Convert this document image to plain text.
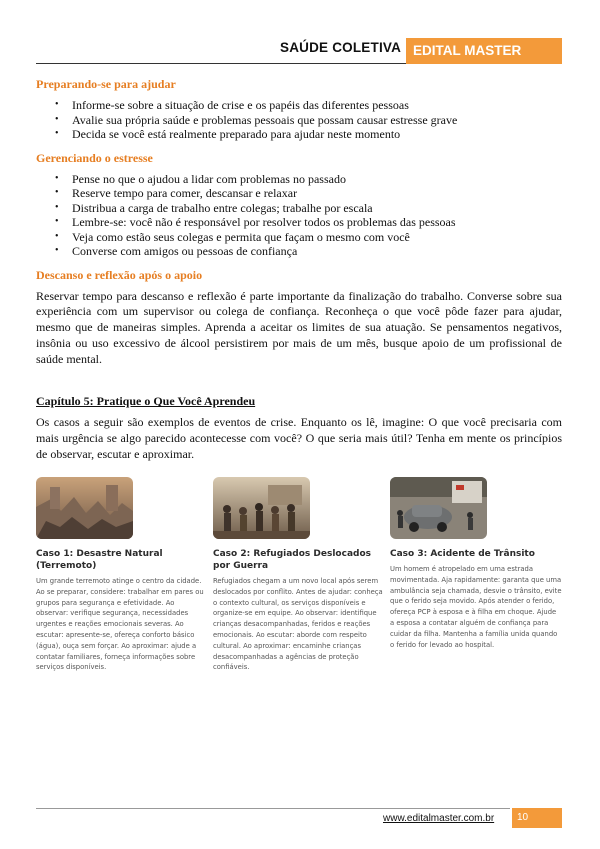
SAÚDE COLETIVA EDITAL MASTER
Preparando-se para ajudar
• Informe-se sobre a situação de crise e os papéis das diferentes pessoas
• Avalie sua própria saúde e problemas pessoais que possam causar estresse grave
• Decida se você está realmente preparado para ajudar neste momento
Gerenciando o estresse
• Pense no que o ajudou a lidar com problemas no passado
• Reserve tempo para comer, descansar e relaxar
• Distribua a carga de trabalho entre colegas; trabalhe por escala
• Lembre-se: você não é responsável por resolver todos os problemas das pessoas
• Veja como estão seus colegas e permita que façam o mesmo com você
• Converse com amigos ou pessoas de confiança
Descanso e reflexão após o apoio

Reservar tempo para descanso e reflexão é parte importante da finalização do trabalho. Converse sobre sua experiência com um supervisor ou colega de confiança. Reconheça o que você pôde fazer para ajudar, mesmo que de maneiras simples. Aprenda a aceitar os limites de sua atuação. Se pensamentos negativos, insônia ou uso excessivo de álcool persistirem por mais de um mês, busque apoio de um profissional de saúde mental.

Capítulo 5: Pratique o Que Você Aprendeu

Os casos a seguir são exemplos de eventos de crise. Enquanto os lê, imagine: O que você precisaria com mais urgência se algo parecido acontecesse com você? O que seria mais útil? Tenha em mente os princípios de observar, escutar e aproximar.

Caso 1: Desastre Natural (Terremoto)
Um grande terremoto atinge o centro da cidade. Ao se preparar, considere: trabalhar em pares ou grupos para segurança e efetividade. Ao observar: verifique segurança, necessidades urgentes e reações emocionais severas. Ao escutar: apresente-se, ofereça conforto básico (água), ouça sem forçar. Ao aproximar: ajude a contatar familiares, forneça informações sobre serviços disponíveis.
Caso 2: Refugiados Deslocados por Guerra
Refugiados chegam a um novo local após serem deslocados por conflito. Antes de ajudar: conheça o contexto cultural, os serviços disponíveis e organize-se em equipe. Ao observar: identifique crianças desacompanhadas, feridos e reações emocionais. Ao escutar: aborde com respeito cultural. Ao aproximar: encaminhe crianças desacompanhadas a agências de proteção confiáveis.
Caso 3: Acidente de Trânsito
Um homem é atropelado em uma estrada movimentada. Aja rapidamente: garanta que uma ambulância seja chamada, desvie o trânsito, evite que o ferido seja movido. Após atender o ferido, ofereça PCP à esposa e à filha em choque. Ajude a esposa a contatar alguém de confiança para cuidar da filha. Mantenha a família unida quando o ferido for levado ao hospital.
www.editalmaster.com.br	10
